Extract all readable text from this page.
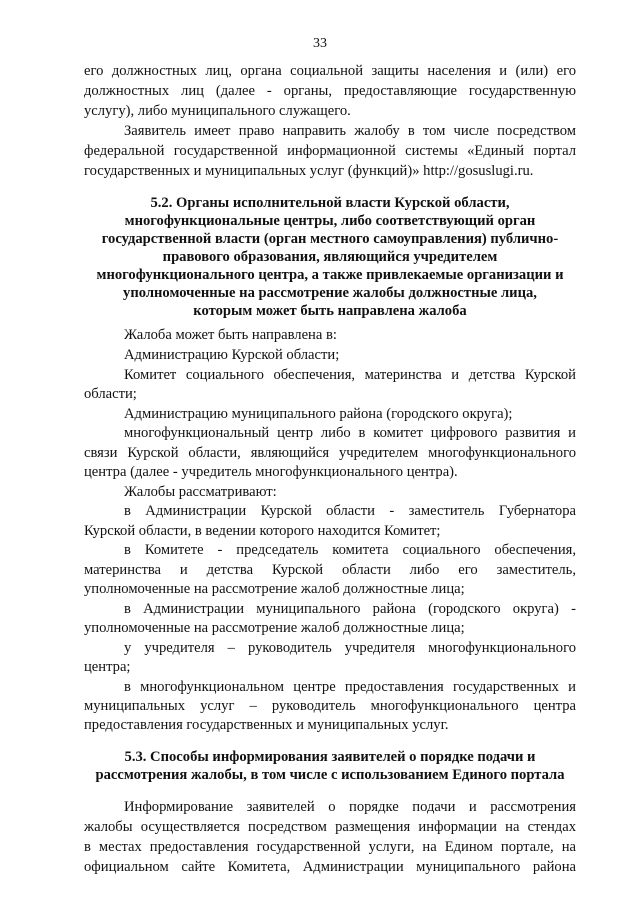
33
его должностных лиц, органа социальной защиты населения и (или) его
должностных лиц (далее - органы, предоставляющие государственную
услугу), либо муниципального служащего.
Заявитель имеет право направить жалобу в том числе посредством
федеральной государственной информационной системы «Единый портал
государственных и муниципальных услуг (функций)» http://gosuslugi.ru.
5.2. Органы исполнительной власти Курской области,
многофункциональные центры, либо соответствующий орган
государственной власти (орган местного самоуправления) публично-
правового образования, являющийся учредителем
многофункционального центра, а также привлекаемые организации и
уполномоченные на рассмотрение жалобы должностные лица,
которым может быть направлена жалоба
Жалоба может быть направлена в:
Администрацию Курской области;
Комитет социального обеспечения, материнства и детства Курской
области;
Администрацию муниципального района (городского округа);
многофункциональный центр либо в комитет цифрового развития и
связи Курской области, являющийся учредителем многофункционального
центра (далее - учредитель многофункционального центра).
Жалобы рассматривают:
в Администрации Курской области - заместитель Губернатора
Курской области, в ведении которого находится Комитет;
в Комитете - председатель комитета социального обеспечения,
материнства и детства Курской области либо его заместитель,
уполномоченные на рассмотрение жалоб должностные лица;
в Администрации муниципального района (городского округа) -
уполномоченные на рассмотрение жалоб должностные лица;
у учредителя – руководитель учредителя многофункционального
центра;
в многофункциональном центре предоставления государственных и
муниципальных услуг – руководитель многофункционального центра
предоставления государственных и муниципальных услуг.
5.3. Способы информирования заявителей о порядке подачи и
рассмотрения жалобы, в том числе с использованием Единого портала
Информирование заявителей о порядке подачи и рассмотрения
жалобы осуществляется посредством размещения информации на стендах
в местах предоставления государственной услуги, на Едином портале, на
официальном сайте Комитета, Администрации муниципального района
